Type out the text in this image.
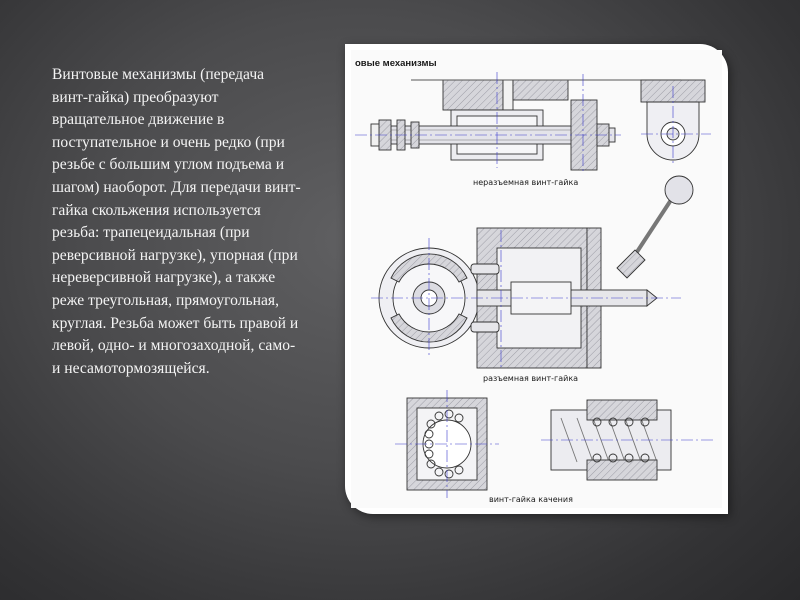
Винтовые механизмы (передача винт-гайка) преобразуют вращательное движение в поступательное и очень редко (при резьбе с большим углом подъема и шагом) наоборот. Для передачи винт-гайка скольжения используется резьба: трапецеидальная (при реверсивной нагрузке), упорная (при нереверсивной нагрузке), а также реже треугольная, прямоугольная, круглая. Резьба может быть правой и левой, одно- и многозаходной, само- и несамотормозящейся.

овые механизмы

неразъемная винт-гайка

разъемная винт-гайка

винт-гайка качения
